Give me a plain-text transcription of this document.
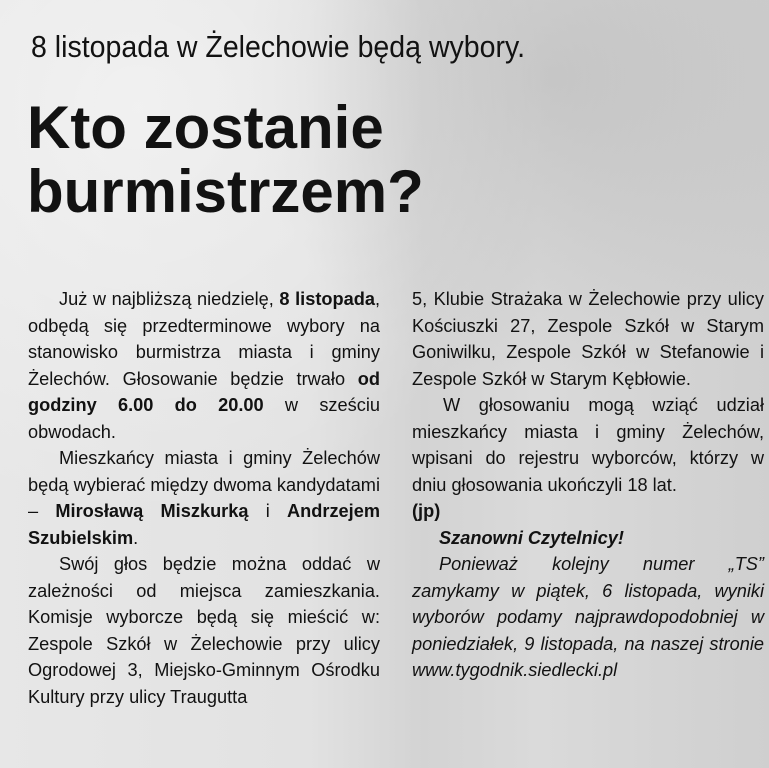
8 listopada w Żelechowie będą wybory.
Kto zostanie

burmistrzem?

Już w najbliższą niedzielę, 8 listopada, odbędą się przedterminowe wybory na stanowisko burmistrza miasta i gminy Żelechów. Głosowanie będzie trwało od godziny 6.00 do 20.00 w sześciu obwodach.

Mieszkańcy miasta i gminy Żelechów będą wybierać między dwoma kandydatami – Mirosławą Miszkurką i Andrzejem Szubielskim.

Swój głos będzie można oddać w zależności od miejsca zamieszkania. Komisje wyborcze będą się mieścić w: Zespole Szkół w Żelechowie przy ulicy Ogrodowej 3, Miejsko-Gminnym Ośrodku Kultury przy ulicy Traugutta

5, Klubie Strażaka w Żelechowie przy ulicy Kościuszki 27, Zespole Szkół w Starym Goniwilku, Zespole Szkół w Stefanowie i Zespole Szkół w Starym Kębłowie.

W głosowaniu mogą wziąć udział mieszkańcy miasta i gminy Żelechów, wpisani do rejestru wyborców, którzy w dniu głosowania ukończyli 18 lat.

(jp)

Szanowni Czytelnicy!

Ponieważ kolejny numer „TS” zamykamy w piątek, 6 listopada, wyniki wyborów podamy najprawdopodobniej w poniedziałek, 9 listopada, na naszej stronie www.tygodnik.siedlecki.pl
